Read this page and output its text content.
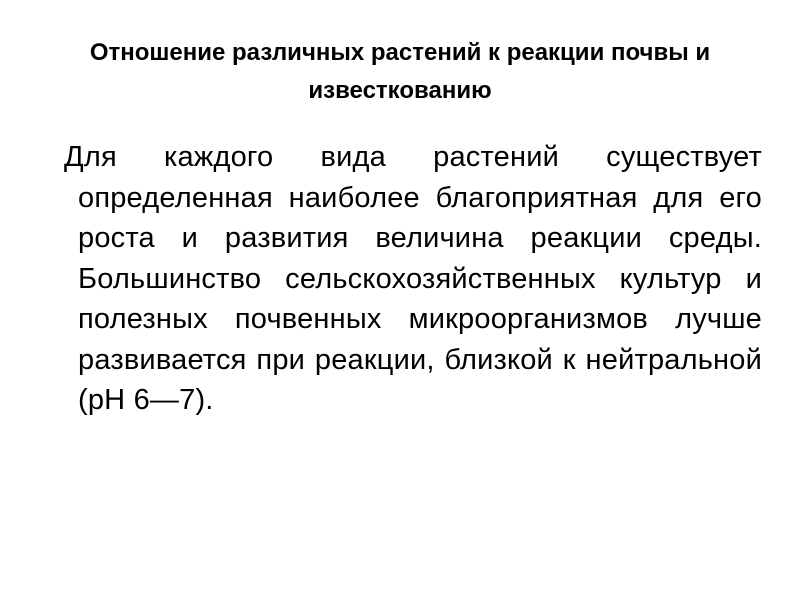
Отношение различных растений к реакции почвы и известкованию

Для каждого вида растений существует определенная наиболее благоприятная для его роста и развития величина реакции среды. Большинство сельскохозяйственных культур и полезных почвенных микроорганизмов лучше развивается при реакции, близкой к нейтральной (рН 6—7).
